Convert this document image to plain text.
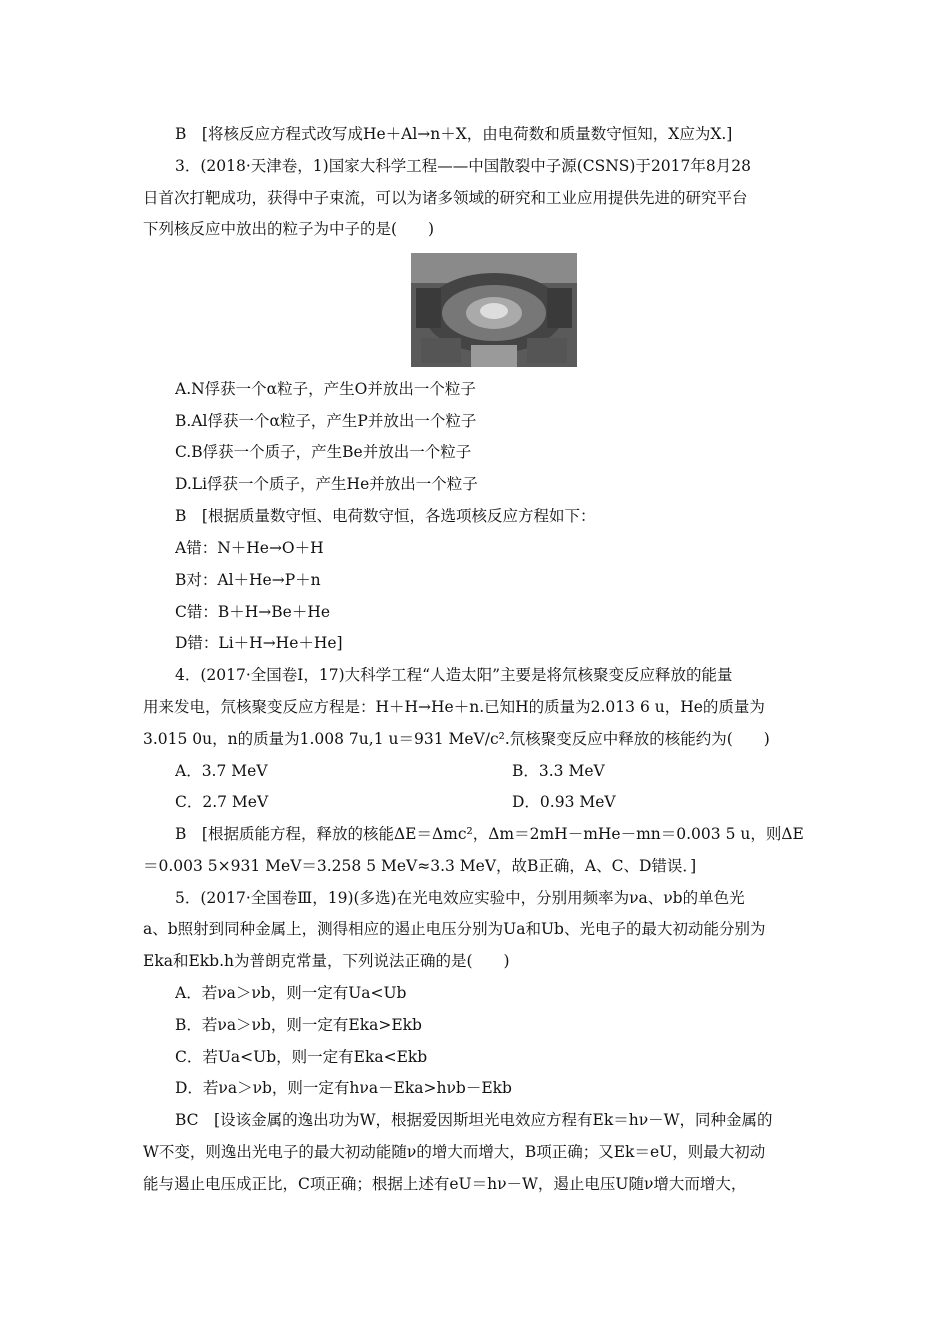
B　[将核反应方程式改写成He＋Al→n＋X，由电荷数和质量数守恒知，X应为X.]
3．(2018·天津卷，1)国家大科学工程——中国散裂中子源(CSNS)于2017年8月28
日首次打靶成功，获得中子束流，可以为诸多领域的研究和工业应用提供先进的研究平台
下列核反应中放出的粒子为中子的是(　　)
A.N俘获一个α粒子，产生O并放出一个粒子
B.Al俘获一个α粒子，产生P并放出一个粒子
C.B俘获一个质子，产生Be并放出一个粒子
D.Li俘获一个质子，产生He并放出一个粒子
B　[根据质量数守恒、电荷数守恒，各选项核反应方程如下：
A错：N＋He→O＋H
B对：Al＋He→P＋n
C错：B＋H→Be＋He
D错：Li＋H→He＋He]
4．(2017·全国卷Ⅰ，17)大科学工程“人造太阳”主要是将氘核聚变反应释放的能量
用来发电，氘核聚变反应方程是：H＋H→He＋n.已知H的质量为2.013 6 u，He的质量为
3.015 0u，n的质量为1.008 7u,1 u＝931 MeV/c².氘核聚变反应中释放的核能约为(　　)
A．3.7 MeV	B．3.3 MeV
C．2.7 MeV	D．0.93 MeV
B　[根据质能方程，释放的核能ΔE＝Δmc²，Δm＝2mH－mHe－mn＝0.003 5 u，则ΔE
＝0.003 5×931 MeV＝3.258 5 MeV≈3.3 MeV，故B正确，A、C、D错误．]
5．(2017·全国卷Ⅲ，19)(多选)在光电效应实验中，分别用频率为νa、νb的单色光
a、b照射到同种金属上，测得相应的遏止电压分别为Ua和Ub、光电子的最大初动能分别为
Eka和Ekb.h为普朗克常量，下列说法正确的是(　　)
A．若νa＞νb，则一定有Ua<Ub
B．若νa＞νb，则一定有Eka>Ekb
C．若Ua<Ub，则一定有Eka<Ekb
D．若νa＞νb，则一定有hνa－Eka>hνb－Ekb
BC　[设该金属的逸出功为W，根据爱因斯坦光电效应方程有Ek＝hν－W，同种金属的
W不变，则逸出光电子的最大初动能随ν的增大而增大，B项正确；又Ek＝eU，则最大初动
能与遏止电压成正比，C项正确；根据上述有eU＝hν－W，遏止电压U随ν增大而增大，
